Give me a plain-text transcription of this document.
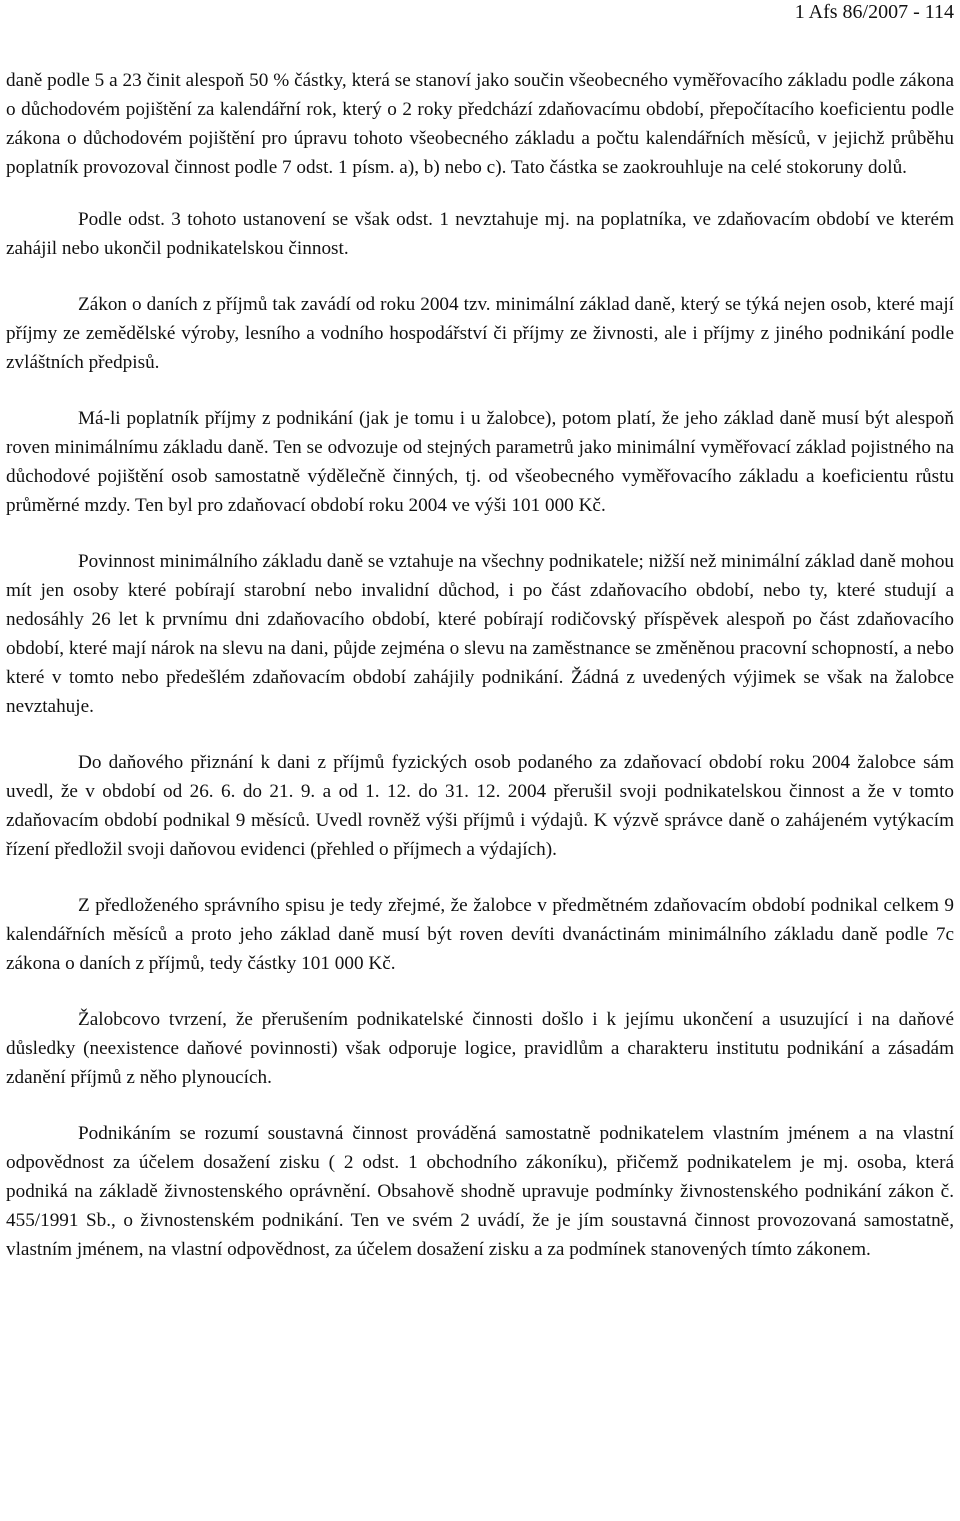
1 Afs 86/2007 - 114

daně podle 5 a 23 činit alespoň 50 % částky, která se stanoví jako součin všeobecného vyměřovacího základu podle zákona o důchodovém pojištění za kalendářní rok, který o 2 roky předchází zdaňovacímu období, přepočítacího koeficientu podle zákona o důchodovém pojištění pro úpravu tohoto všeobecného základu a počtu kalendářních měsíců, v jejichž průběhu poplatník provozoval činnost podle 7 odst. 1 písm. a), b) nebo c). Tato částka se zaokrouhluje na celé stokoruny dolů.

Podle odst. 3 tohoto ustanovení se však odst. 1 nevztahuje mj. na poplatníka, ve zdaňovacím období ve kterém zahájil nebo ukončil podnikatelskou činnost.

Zákon o daních z příjmů tak zavádí od roku 2004 tzv. minimální základ daně, který se týká nejen osob, které mají příjmy ze zemědělské výroby, lesního a vodního hospodářství či příjmy ze živnosti, ale i příjmy z jiného podnikání podle zvláštních předpisů.

Má-li poplatník příjmy z podnikání (jak je tomu i u žalobce), potom platí, že jeho základ daně musí být alespoň roven minimálnímu základu daně. Ten se odvozuje od stejných parametrů jako minimální vyměřovací základ pojistného na důchodové pojištění osob samostatně výdělečně činných, tj. od všeobecného vyměřovacího základu a koeficientu růstu průměrné mzdy. Ten byl pro zdaňovací období roku 2004 ve výši 101 000 Kč.

Povinnost minimálního základu daně se vztahuje na všechny podnikatele; nižší než minimální základ daně mohou mít jen osoby které pobírají starobní nebo invalidní důchod, i po část zdaňovacího období, nebo ty, které studují a nedosáhly 26 let k prvnímu dni zdaňovacího období, které pobírají rodičovský příspěvek alespoň po část zdaňovacího období, které mají nárok na slevu na dani, půjde zejména o slevu na zaměstnance se změněnou pracovní schopností, a nebo které v tomto nebo předešlém zdaňovacím období zahájily podnikání. Žádná z uvedených výjimek se však na žalobce nevztahuje.

Do daňového přiznání k dani z příjmů fyzických osob podaného za zdaňovací období roku 2004 žalobce sám uvedl, že v období od 26. 6. do 21. 9. a od 1. 12. do 31. 12. 2004 přerušil svoji podnikatelskou činnost a že v tomto zdaňovacím období podnikal 9 měsíců. Uvedl rovněž výši příjmů i výdajů. K výzvě správce daně o zahájeném vytýkacím řízení předložil svoji daňovou evidenci (přehled o příjmech a výdajích).

Z předloženého správního spisu je tedy zřejmé, že žalobce v předmětném zdaňovacím období podnikal celkem 9 kalendářních měsíců a proto jeho základ daně musí být roven devíti dvanáctinám minimálního základu daně podle 7c zákona o daních z příjmů, tedy částky 101 000 Kč.

Žalobcovo tvrzení, že přerušením podnikatelské činnosti došlo i k jejímu ukončení a usuzující i na daňové důsledky (neexistence daňové povinnosti) však odporuje logice, pravidlům a charakteru institutu podnikání a zásadám zdanění příjmů z něho plynoucích.

Podnikáním se rozumí soustavná činnost prováděná samostatně podnikatelem vlastním jménem a na vlastní odpovědnost za účelem dosažení zisku ( 2 odst. 1 obchodního zákoníku), přičemž podnikatelem je mj. osoba, která podniká na základě živnostenského oprávnění. Obsahově shodně upravuje podmínky živnostenského podnikání zákon č. 455/1991 Sb., o živnostenském podnikání. Ten ve svém 2 uvádí, že je jím soustavná činnost provozovaná samostatně, vlastním jménem, na vlastní odpovědnost, za účelem dosažení zisku a za podmínek stanovených tímto zákonem.
